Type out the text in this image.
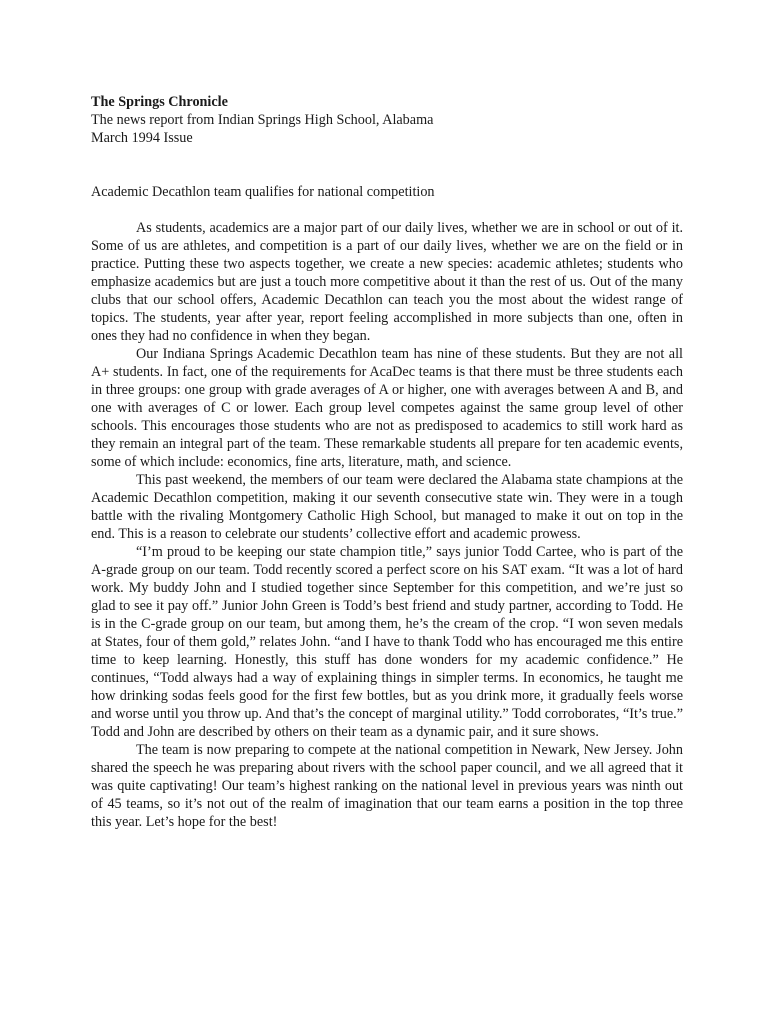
The Springs Chronicle

The news report from Indian Springs High School, Alabama

March 1994 Issue

Academic Decathlon team qualifies for national competition

As students, academics are a major part of our daily lives, whether we are in school or out of it. Some of us are athletes, and competition is a part of our daily lives, whether we are on the field or in practice. Putting these two aspects together, we create a new species: academic athletes; students who emphasize academics but are just a touch more competitive about it than the rest of us. Out of the many clubs that our school offers, Academic Decathlon can teach you the most about the widest range of topics. The students, year after year, report feeling accomplished in more subjects than one, often in ones they had no confidence in when they began.

Our Indiana Springs Academic Decathlon team has nine of these students. But they are not all A+ students. In fact, one of the requirements for AcaDec teams is that there must be three students each in three groups: one group with grade averages of A or higher, one with averages between A and B, and one with averages of C or lower. Each group level competes against the same group level of other schools. This encourages those students who are not as predisposed to academics to still work hard as they remain an integral part of the team. These remarkable students all prepare for ten academic events, some of which include: economics, fine arts, literature, math, and science.

This past weekend, the members of our team were declared the Alabama state champions at the Academic Decathlon competition, making it our seventh consecutive state win. They were in a tough battle with the rivaling Montgomery Catholic High School, but managed to make it out on top in the end. This is a reason to celebrate our students’ collective effort and academic prowess.

“I’m proud to be keeping our state champion title,” says junior Todd Cartee, who is part of the A-grade group on our team. Todd recently scored a perfect score on his SAT exam. “It was a lot of hard work. My buddy John and I studied together since September for this competition, and we’re just so glad to see it pay off.” Junior John Green is Todd’s best friend and study partner, according to Todd. He is in the C-grade group on our team, but among them, he’s the cream of the crop. “I won seven medals at States, four of them gold,” relates John. “and I have to thank Todd who has encouraged me this entire time to keep learning. Honestly, this stuff has done wonders for my academic confidence.” He continues, “Todd always had a way of explaining things in simpler terms. In economics, he taught me how drinking sodas feels good for the first few bottles, but as you drink more, it gradually feels worse and worse until you throw up. And that’s the concept of marginal utility.” Todd corroborates, “It’s true.” Todd and John are described by others on their team as a dynamic pair, and it sure shows.

The team is now preparing to compete at the national competition in Newark, New Jersey. John shared the speech he was preparing about rivers with the school paper council, and we all agreed that it was quite captivating! Our team’s highest ranking on the national level in previous years was ninth out of 45 teams, so it’s not out of the realm of imagination that our team earns a position in the top three this year. Let’s hope for the best!
